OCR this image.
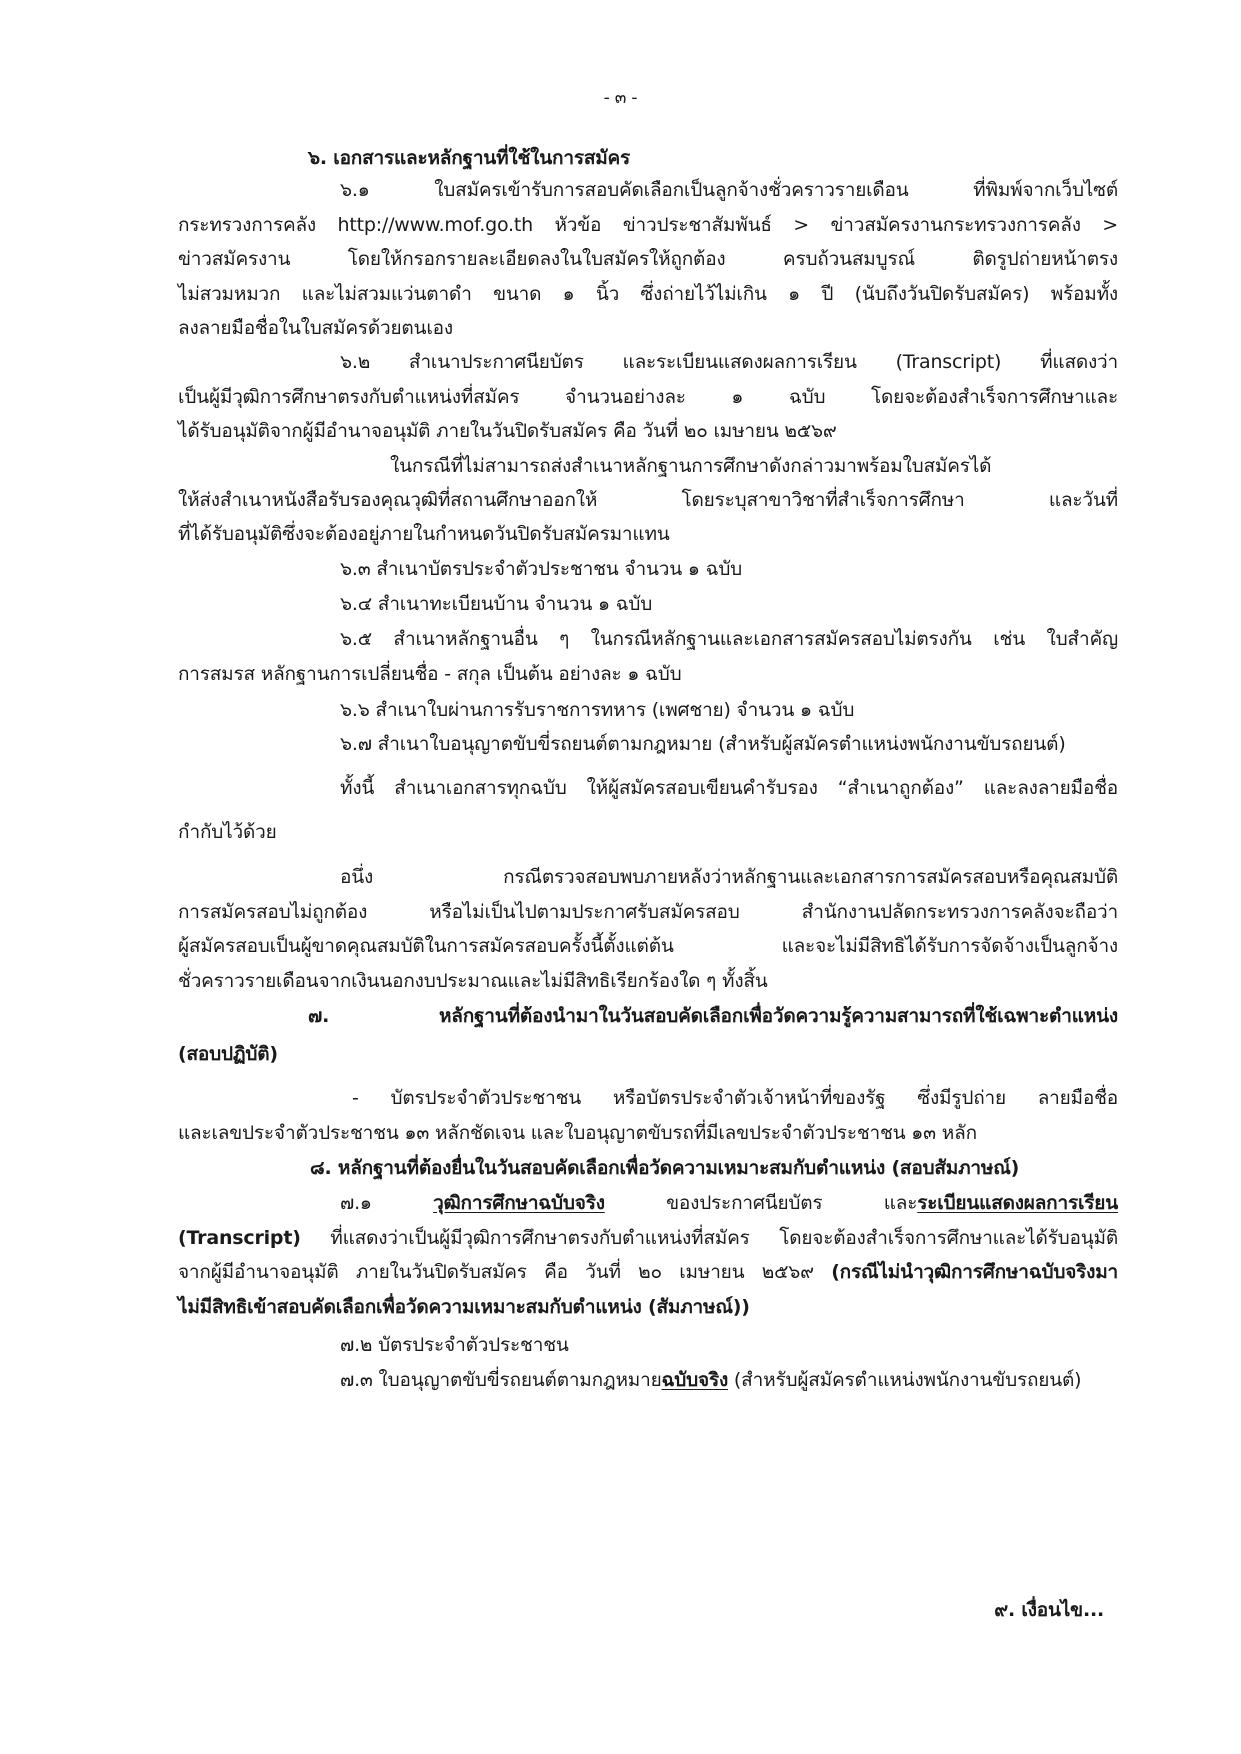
- ๓ -
๖. เอกสารและหลักฐานที่ใช้ในการสมัคร
๖.๑ ใบสมัครเข้ารับการสอบคัดเลือกเป็นลูกจ้างชั่วคราวรายเดือน ที่พิมพ์จากเว็บไซต์
กระทรวงการคลัง http://www.mof.go.th หัวข้อ ข่าวประชาสัมพันธ์ > ข่าวสมัครงานกระทรวงการคลัง >
ข่าวสมัครงาน โดยให้กรอกรายละเอียดลงในใบสมัครให้ถูกต้อง ครบถ้วนสมบูรณ์ ติดรูปถ่ายหน้าตรง
ไม่สวมหมวก และไม่สวมแว่นตาดำ ขนาด ๑ นิ้ว ซึ่งถ่ายไว้ไม่เกิน ๑ ปี (นับถึงวันปิดรับสมัคร) พร้อมทั้ง
ลงลายมือชื่อในใบสมัครด้วยตนเอง
๖.๒ สำเนาประกาศนียบัตร และระเบียนแสดงผลการเรียน (Transcript) ที่แสดงว่า
เป็นผู้มีวุฒิการศึกษาตรงกับตำแหน่งที่สมัคร จำนวนอย่างละ ๑ ฉบับ โดยจะต้องสำเร็จการศึกษาและ
ได้รับอนุมัติจากผู้มีอำนาจอนุมัติ ภายในวันปิดรับสมัคร คือ วันที่ ๒๐ เมษายน ๒๕๖๙
ในกรณีที่ไม่สามารถส่งสำเนาหลักฐานการศึกษาดังกล่าวมาพร้อมใบสมัครได้
ให้ส่งสำเนาหนังสือรับรองคุณวุฒิที่สถานศึกษาออกให้ โดยระบุสาขาวิชาที่สำเร็จการศึกษา และวันที่
ที่ได้รับอนุมัติซึ่งจะต้องอยู่ภายในกำหนดวันปิดรับสมัครมาแทน
๖.๓ สำเนาบัตรประจำตัวประชาชน จำนวน ๑ ฉบับ
๖.๔ สำเนาทะเบียนบ้าน จำนวน ๑ ฉบับ
๖.๕ สำเนาหลักฐานอื่น ๆ ในกรณีหลักฐานและเอกสารสมัครสอบไม่ตรงกัน เช่น ใบสำคัญ
การสมรส หลักฐานการเปลี่ยนชื่อ - สกุล เป็นต้น อย่างละ ๑ ฉบับ
๖.๖ สำเนาใบผ่านการรับราชการทหาร (เพศชาย) จำนวน ๑ ฉบับ
๖.๗ สำเนาใบอนุญาตขับขี่รถยนต์ตามกฎหมาย (สำหรับผู้สมัครตำแหน่งพนักงานขับรถยนต์)
ทั้งนี้ สำเนาเอกสารทุกฉบับ ให้ผู้สมัครสอบเขียนคำรับรอง “สำเนาถูกต้อง” และลงลายมือชื่อ
กำกับไว้ด้วย
อนึ่ง กรณีตรวจสอบพบภายหลังว่าหลักฐานและเอกสารการสมัครสอบหรือคุณสมบัติ
การสมัครสอบไม่ถูกต้อง หรือไม่เป็นไปตามประกาศรับสมัครสอบ สำนักงานปลัดกระทรวงการคลังจะถือว่า
ผู้สมัครสอบเป็นผู้ขาดคุณสมบัติในการสมัครสอบครั้งนี้ตั้งแต่ต้น และจะไม่มีสิทธิได้รับการจัดจ้างเป็นลูกจ้าง
ชั่วคราวรายเดือนจากเงินนอกงบประมาณและไม่มีสิทธิเรียกร้องใด ๆ ทั้งสิ้น
๗. หลักฐานที่ต้องนำมาในวันสอบคัดเลือกเพื่อวัดความรู้ความสามารถที่ใช้เฉพาะตำแหน่ง
(สอบปฏิบัติ)
- บัตรประจำตัวประชาชน หรือบัตรประจำตัวเจ้าหน้าที่ของรัฐ ซึ่งมีรูปถ่าย ลายมือชื่อ
และเลขประจำตัวประชาชน ๑๓ หลักชัดเจน และใบอนุญาตขับรถที่มีเลขประจำตัวประชาชน ๑๓ หลัก
๘. หลักฐานที่ต้องยื่นในวันสอบคัดเลือกเพื่อวัดความเหมาะสมกับตำแหน่ง (สอบสัมภาษณ์)
๗.๑ วุฒิการศึกษาฉบับจริง ของประกาศนียบัตร และระเบียนแสดงผลการเรียน
(Transcript) ที่แสดงว่าเป็นผู้มีวุฒิการศึกษาตรงกับตำแหน่งที่สมัคร โดยจะต้องสำเร็จการศึกษาและได้รับอนุมัติ
จากผู้มีอำนาจอนุมัติ ภายในวันปิดรับสมัคร คือ วันที่ ๒๐ เมษายน ๒๕๖๙ (กรณีไม่นำวุฒิการศึกษาฉบับจริงมา
ไม่มีสิทธิเข้าสอบคัดเลือกเพื่อวัดความเหมาะสมกับตำแหน่ง (สัมภาษณ์))
๗.๒ บัตรประจำตัวประชาชน
๗.๓ ใบอนุญาตขับขี่รถยนต์ตามกฎหมายฉบับจริง (สำหรับผู้สมัครตำแหน่งพนักงานขับรถยนต์)
๙. เงื่อนไข...
